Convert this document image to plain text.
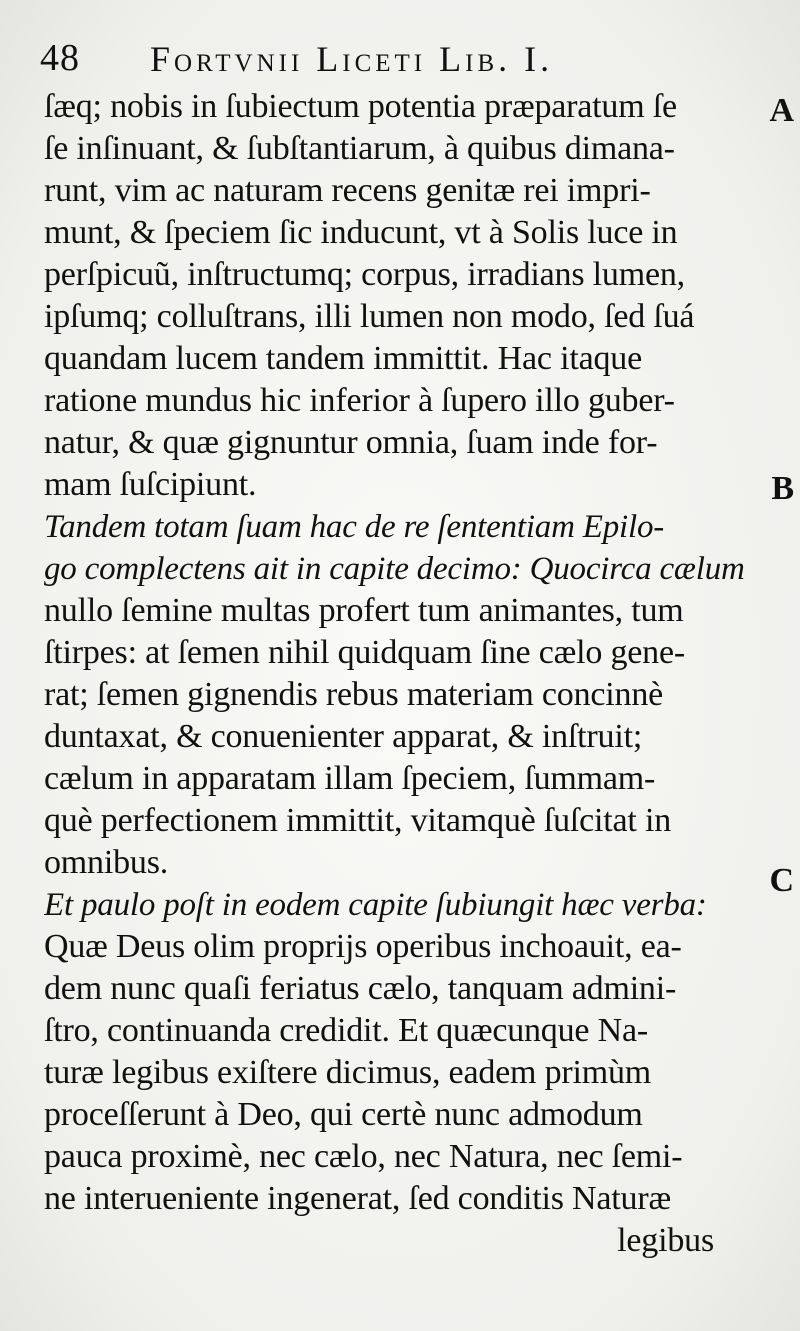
48 Fortvnii Liceti Lib. I.
ſæq; nobis in ſubiectum potentia præparatum ſe
ſe inſinuant, & ſubſtantiarum, à quibus dimana-
runt, vim ac naturam recens genitæ rei impri-
munt, & ſpeciem ſic inducunt, vt à Solis luce in
perſpicuũ, inſtructumq; corpus, irradians lumen,
ipſumq; colluſtrans, illi lumen non modo, ſed ſuá
quandam lucem tandem immittit. Hac itaque
ratione mundus hic inferior à ſupero illo guber-
natur, & quæ gignuntur omnia, ſuam inde for-
mam ſuſcipiunt.
Tandem totam ſuam hac de re ſententiam Epilo-
go complectens ait in capite decimo: Quocirca cælum
nullo ſemine multas profert tum animantes, tum
ſtirpes: at ſemen nihil quidquam ſine cælo gene-
rat; ſemen gignendis rebus materiam concinnè
duntaxat, & conuenienter apparat, & inſtruit;
cælum in apparatam illam ſpeciem, ſummam-
què perfectionem immittit, vitamquè ſuſcitat in
omnibus.
Et paulo poſt in eodem capite ſubiungit hæc verba:
Quæ Deus olim proprijs operibus inchoauit, ea-
dem nunc quaſi feriatus cælo, tanquam admini-
ſtro, continuanda credidit. Et quæcunque Na-
turæ legibus exiſtere dicimus, eadem primùm
proceſſerunt à Deo, qui certè nunc admodum
pauca proximè, nec cælo, nec Natura, nec ſemi-
ne interueniente ingenerat, ſed conditis Naturæ
legibus
A
B
C
